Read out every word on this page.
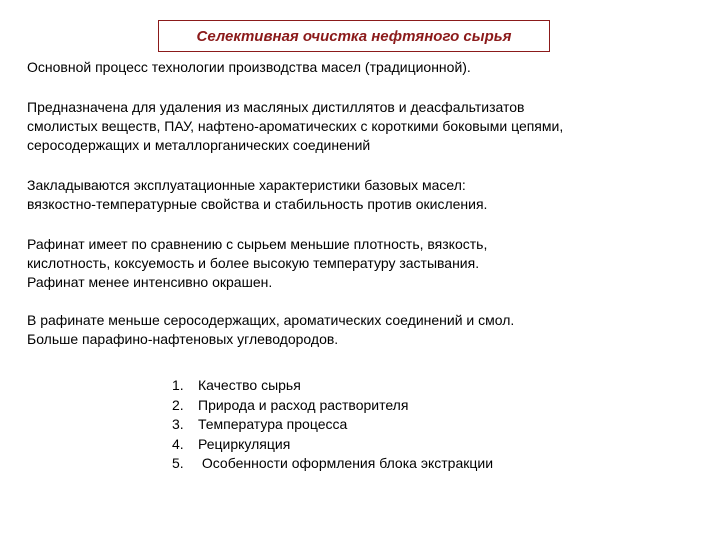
Селективная очистка нефтяного сырья

Основной процесс технологии производства масел (традиционной).

Предназначена для удаления из масляных дистиллятов и деасфальтизатов
смолистых веществ, ПАУ, нафтено-ароматических с короткими боковыми цепями,
серосодержащих и металлорганических соединений

Закладываются эксплуатационные характеристики базовых масел:
вязкостно-температурные свойства и стабильность против окисления.

Рафинат имеет по сравнению с сырьем меньшие плотность, вязкость,
кислотность, коксуемость и более высокую температуру застывания.
Рафинат менее интенсивно окрашен.

В рафинате меньше серосодержащих, ароматических соединений и смол.
Больше парафино-нафтеновых углеводородов.

1.	Качество сырья
2.	Природа и расход растворителя
3.	Температура процесса
4.	Рециркуляция
5.	Особенности оформления блока экстракции
